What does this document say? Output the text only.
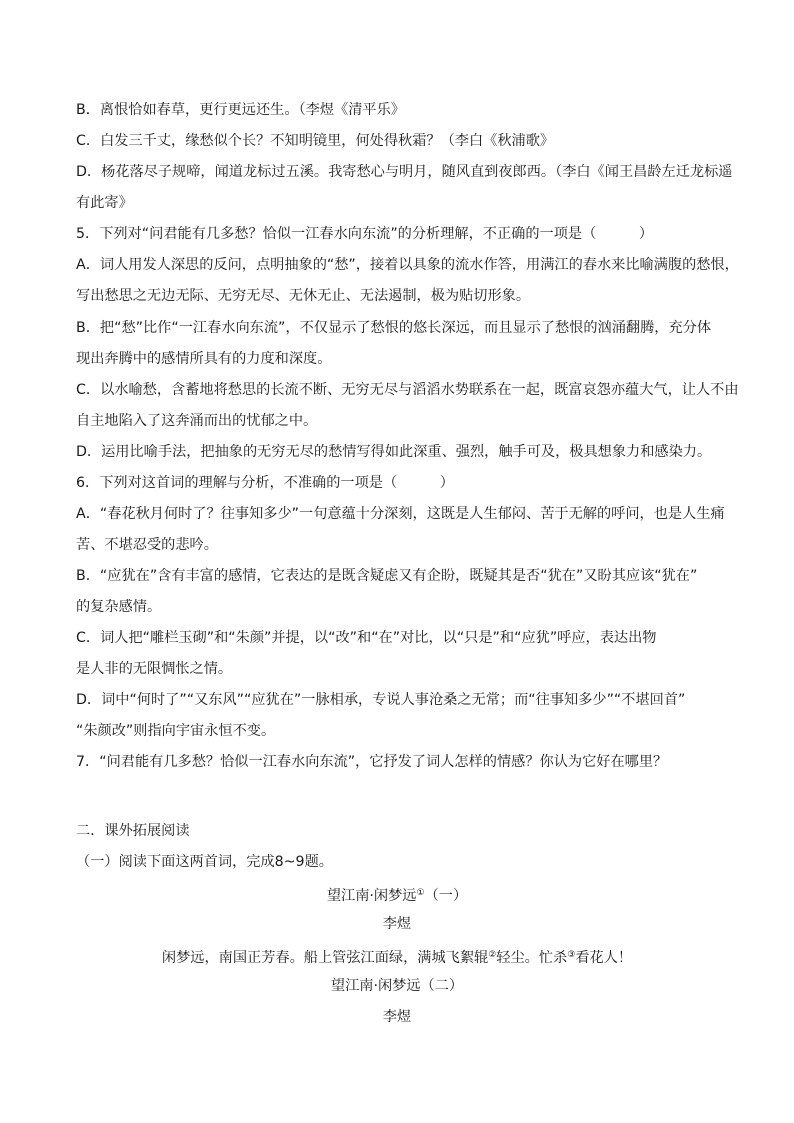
B．离恨恰如春草，更行更远还生。（李煜《清平乐》
C．白发三千丈，缘愁似个长？不知明镜里，何处得秋霜？（李白《秋浦歌》
D．杨花落尽子规啼，闻道龙标过五溪。我寄愁心与明月，随风直到夜郎西。（李白《闻王昌龄左迁龙标遥
有此寄》
5．下列对“问君能有几多愁？恰似一江春水向东流”的分析理解，不正确的一项是（　　　）
A．词人用发人深思的反问，点明抽象的“愁”，接着以具象的流水作答，用满江的春水来比喻满腹的愁恨，
写出愁思之无边无际、无穷无尽、无休无止、无法遏制，极为贴切形象。
B．把“愁”比作“一江春水向东流”，不仅显示了愁恨的悠长深远，而且显示了愁恨的汹涌翻腾，充分体
现出奔腾中的感情所具有的力度和深度。
C．以水喻愁，含蓄地将愁思的长流不断、无穷无尽与滔滔水势联系在一起，既富哀怨亦蕴大气，让人不由
自主地陷入了这奔涌而出的忧郁之中。
D．运用比喻手法，把抽象的无穷无尽的愁情写得如此深重、强烈，触手可及，极具想象力和感染力。
6．下列对这首词的理解与分析，不准确的一项是（　　　）
A．“春花秋月何时了？往事知多少”一句意蕴十分深刻，这既是人生郁闷、苦于无解的呼问，也是人生痛
苦、不堪忍受的悲吟。
B．“应犹在”含有丰富的感情，它表达的是既含疑虑又有企盼，既疑其是否“犹在”又盼其应该“犹在”
的复杂感情。
C．词人把“雕栏玉砌”和“朱颜”并提，以“改”和“在”对比，以“只是”和“应犹”呼应，表达出物
是人非的无限惆怅之情。
D．词中“何时了”“又东风”“应犹在”一脉相承，专说人事沧桑之无常；而“往事知多少”“不堪回首”
“朱颜改”则指向宇宙永恒不变。
7．“问君能有几多愁？恰似一江春水向东流”，它抒发了词人怎样的情感？你认为它好在哪里？
二．课外拓展阅读
（一）阅读下面这两首词，完成8~9题。
望江南·闲梦远①（一）
李煜
闲梦远，南国正芳春。船上管弦江面绿，满城飞絮辊②轻尘。忙杀③看花人！
望江南·闲梦远（二）
李煜
